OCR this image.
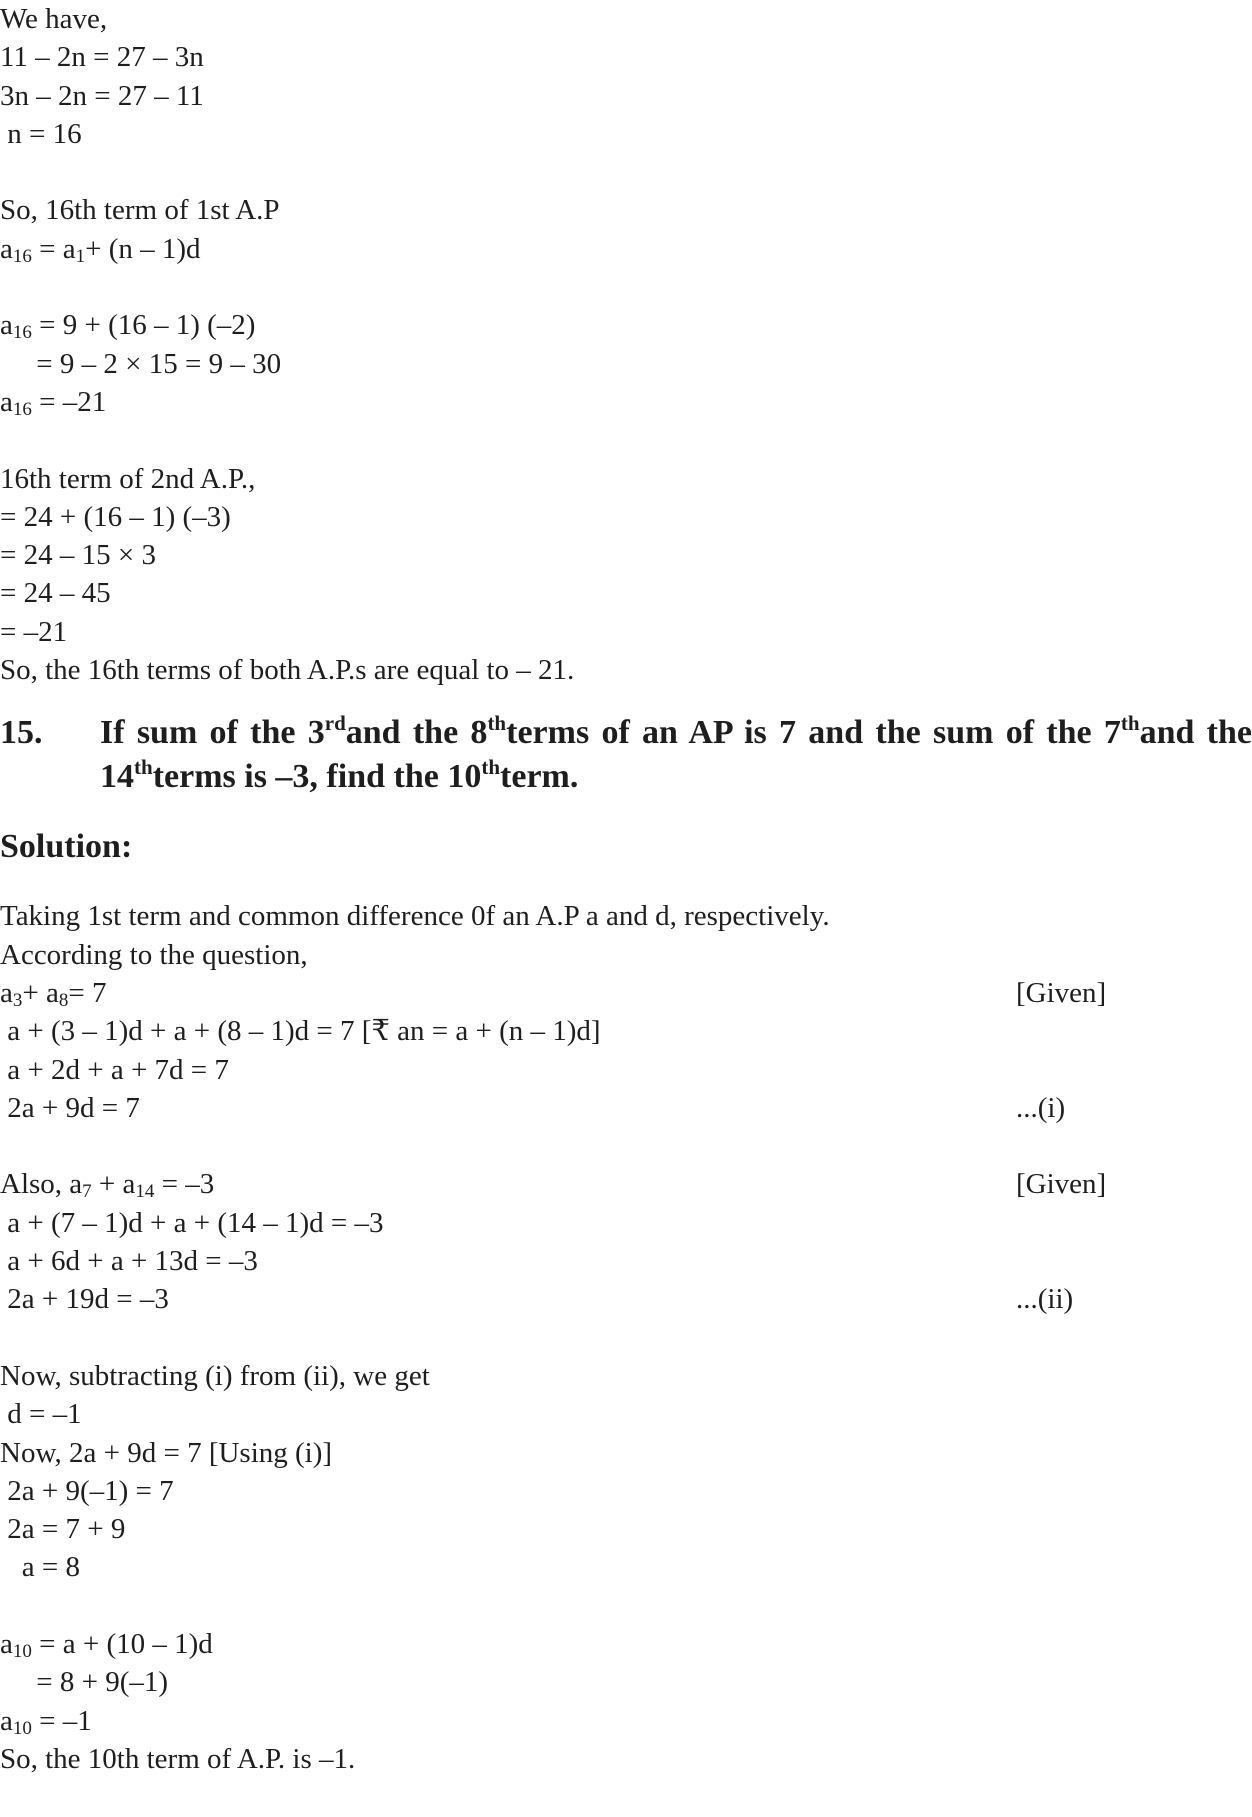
We have,
11 – 2n = 27 – 3n
3n – 2n = 27 – 11
n = 16
So, 16th term of 1st A.P
$a_{16} = a_1+ (n - 1)d$
$a_{16} = 9 + (16 - 1)$ (–2)
= 9 – 2 × 15 = 9 – 30
$a_{16} = -21$
16th term of 2nd A.P.,
= 24 + (16 – 1) (–3)
= 24 – 15 × 3
= 24 – 45
= –21
So, the 16th terms of both A.P.s are equal to – 21.
15. If sum of the 3rdand the 8thterms of an AP is 7 and the sum of the 7thand the 14thterms is –3, find the 10thterm.
Solution:
Taking 1st term and common difference 0f an A.P a and d, respectively.
According to the question,
$a_3+ a_8= 7$	[Given]
a + (3 – 1)d + a + (8 – 1)d = 7 [₹ an = a + (n – 1)d]
a + 2d + a + 7d = 7
2a + 9d = 7	...(i)
Also, $a_7 + a_{14} = -3$	[Given]
a + (7 – 1)d + a + (14 – 1)d = –3
a + 6d + a + 13d = –3
2a + 19d = –3	...(ii)
Now, subtracting (i) from (ii), we get
d = –1
Now, 2a + 9d = 7 [Using (i)]
2a + 9(–1) = 7
2a = 7 + 9
a = 8
$a_{10} = a + (10 - 1)d$
= 8 + 9(–1)
$a_{10} = -1$
So, the 10th term of A.P. is –1.
